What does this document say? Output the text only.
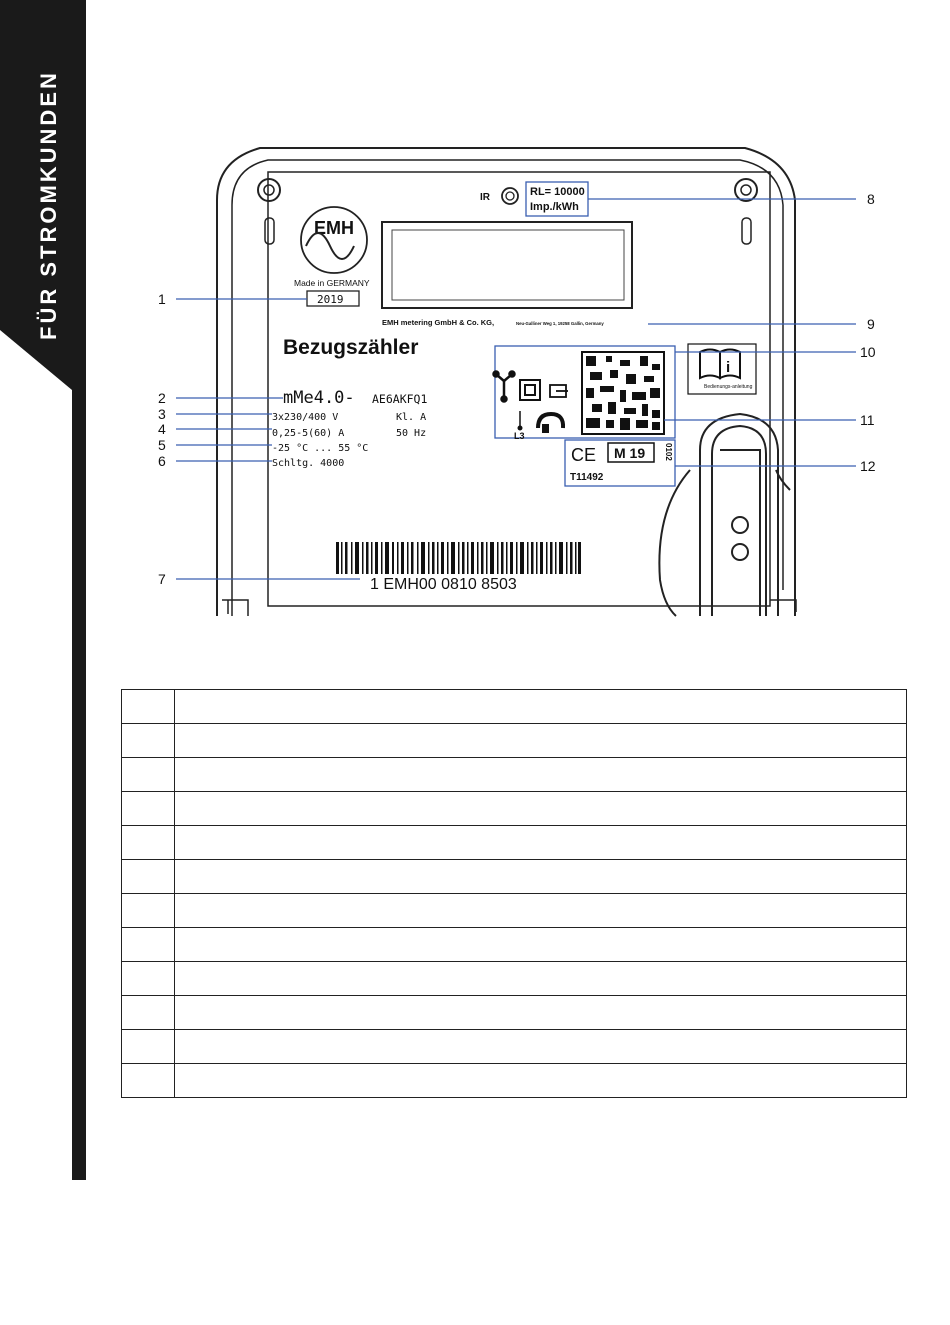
FÜR STROMKUNDEN	IR	RL= 10000
Imp./kWh
EMH
Made in GERMANY
2019
EMH metering GmbH & Co. KG,	Neu-Galliner Weg 1, 19258 Gallin, Germany
Bezugszähler
mMe4.0- AE6AKFQ1
3x230/400 V	Kl. A
0,25-5(60) A	50 Hz
-25 °C ... 55 °C
Schltg. 4000
L3
i
Bedienungs-anleitung
CE M 19 0102
T11492
1 EMH00 0810 8503
1
2
3
4
5
6
7
8
9
10
11
12
